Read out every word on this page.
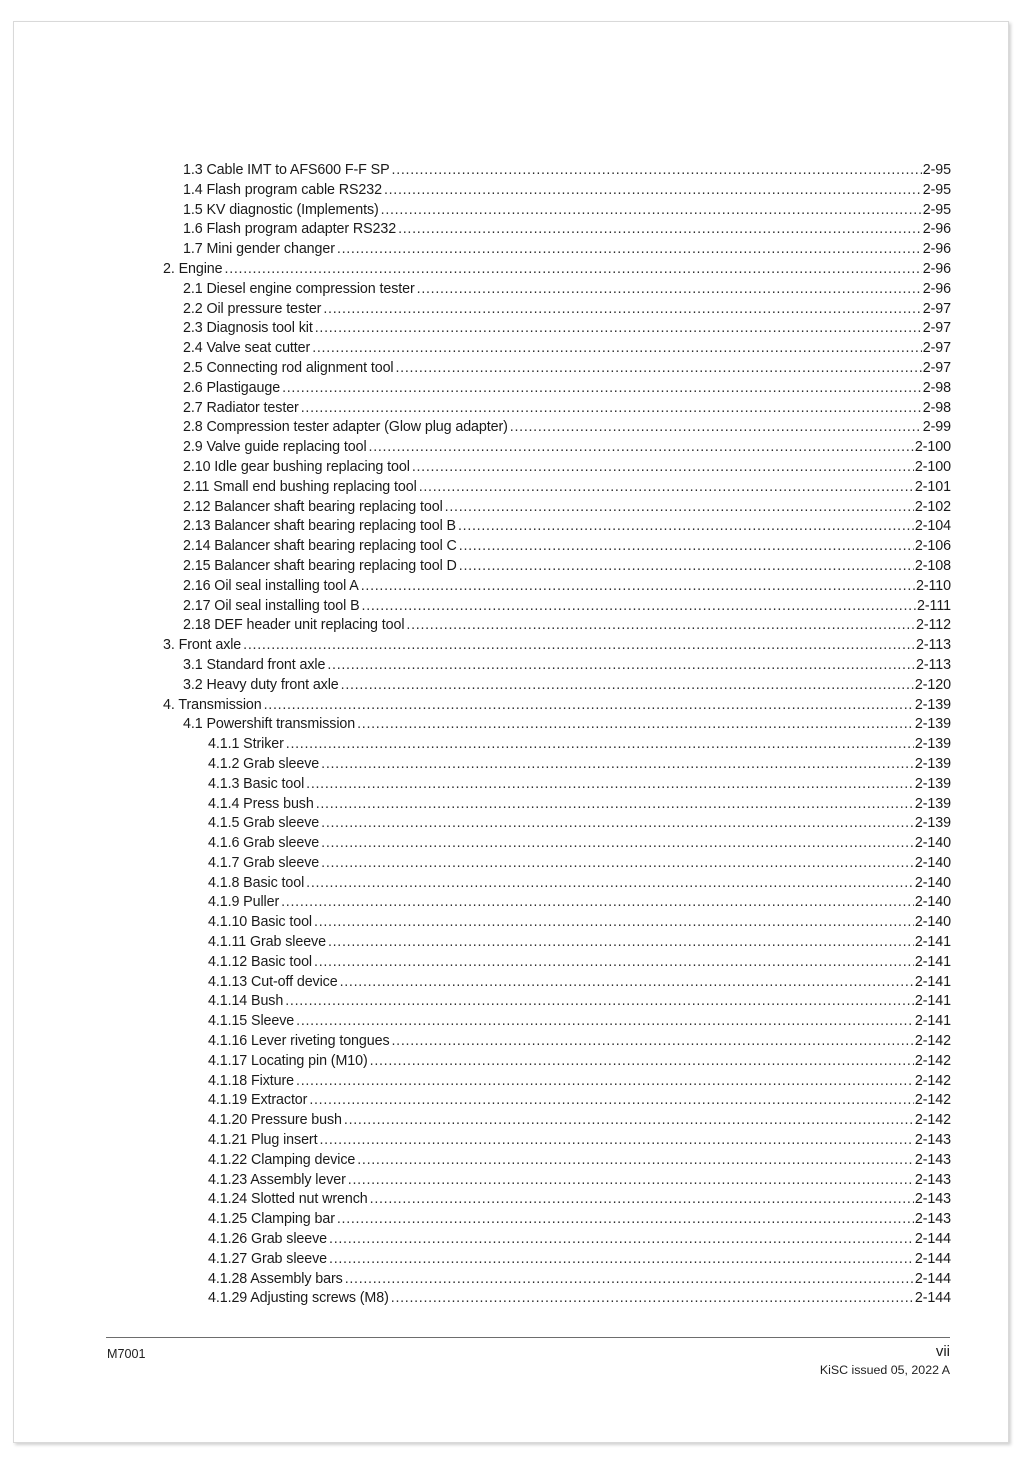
1.3 Cable IMT to AFS600 F-F SP .....	2-95
1.4 Flash program cable RS232 .....	2-95
1.5 KV diagnostic (Implements) .....	2-95
1.6 Flash program adapter RS232 .....	2-96
1.7 Mini gender changer .....	2-96
2. Engine .....	2-96
2.1 Diesel engine compression tester .....	2-96
2.2 Oil pressure tester .....	2-97
2.3 Diagnosis tool kit .....	2-97
2.4 Valve seat cutter .....	2-97
2.5 Connecting rod alignment tool .....	2-97
2.6 Plastigauge .....	2-98
2.7 Radiator tester .....	2-98
2.8 Compression tester adapter (Glow plug adapter) .....	2-99
2.9 Valve guide replacing tool .....	2-100
2.10 Idle gear bushing replacing tool .....	2-100
2.11 Small end bushing replacing tool .....	2-101
2.12 Balancer shaft bearing replacing tool .....	2-102
2.13 Balancer shaft bearing replacing tool B .....	2-104
2.14 Balancer shaft bearing replacing tool C .....	2-106
2.15 Balancer shaft bearing replacing tool D .....	2-108
2.16 Oil seal installing tool A .....	2-110
2.17 Oil seal installing tool B .....	2-111
2.18 DEF header unit replacing tool .....	2-112
3. Front axle .....	2-113
3.1 Standard front axle .....	2-113
3.2 Heavy duty front axle .....	2-120
4. Transmission .....	2-139
4.1 Powershift transmission .....	2-139
4.1.1 Striker .....	2-139
4.1.2 Grab sleeve .....	2-139
4.1.3 Basic tool .....	2-139
4.1.4 Press bush .....	2-139
4.1.5 Grab sleeve .....	2-139
4.1.6 Grab sleeve .....	2-140
4.1.7 Grab sleeve .....	2-140
4.1.8 Basic tool .....	2-140
4.1.9 Puller .....	2-140
4.1.10 Basic tool .....	2-140
4.1.11 Grab sleeve .....	2-141
4.1.12 Basic tool .....	2-141
4.1.13 Cut-off device .....	2-141
4.1.14 Bush .....	2-141
4.1.15 Sleeve .....	2-141
4.1.16 Lever riveting tongues .....	2-142
4.1.17 Locating pin (M10) .....	2-142
4.1.18 Fixture .....	2-142
4.1.19 Extractor .....	2-142
4.1.20 Pressure bush .....	2-142
4.1.21 Plug insert .....	2-143
4.1.22 Clamping device .....	2-143
4.1.23 Assembly lever .....	2-143
4.1.24 Slotted nut wrench .....	2-143
4.1.25 Clamping bar .....	2-143
4.1.26 Grab sleeve .....	2-144
4.1.27 Grab sleeve .....	2-144
4.1.28 Assembly bars .....	2-144
4.1.29 Adjusting screws (M8) .....	2-144
M7001	vii
KiSC issued 05, 2022 A
